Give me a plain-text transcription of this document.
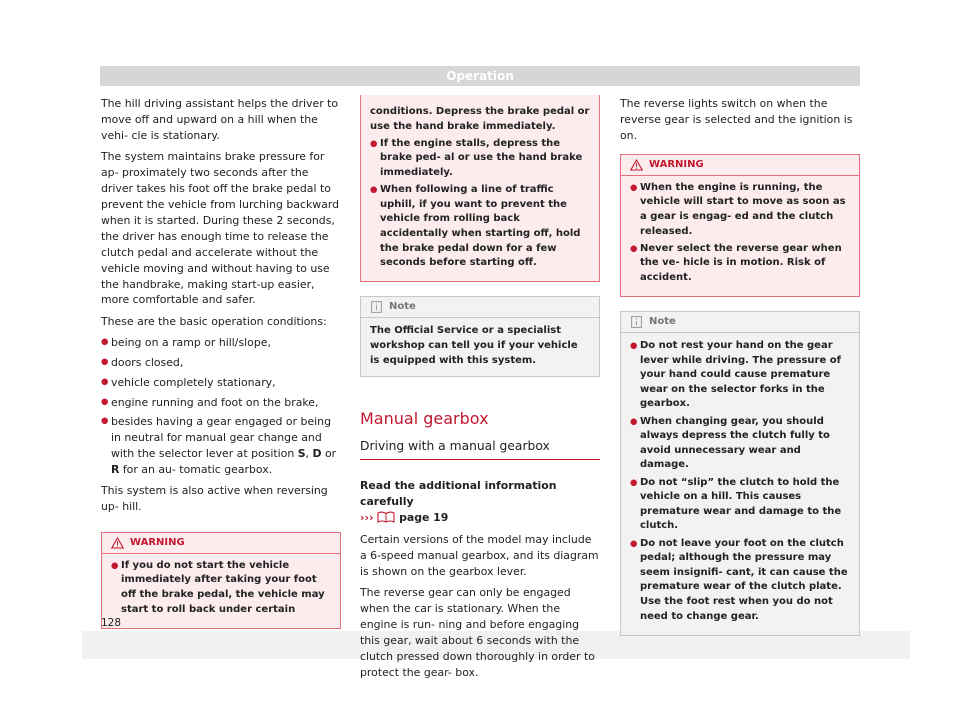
Operation

The hill driving assistant helps the driver to move off and upward on a hill when the vehi- cle is stationary.

The system maintains brake pressure for ap- proximately two seconds after the driver takes his foot off the brake pedal to prevent the vehicle from lurching backward when it is started. During these 2 seconds, the driver has enough time to release the clutch pedal and accelerate without the vehicle moving and without having to use the handbrake, making start-up easier, more comfortable and safer.

These are the basic operation conditions:

● being on a ramp or hill/slope,
● doors closed,
● vehicle completely stationary,
● engine running and foot on the brake,
● besides having a gear engaged or being in neutral for manual gear change and with the selector lever at position S, D or R for an au- tomatic gearbox.

This system is also active when reversing up- hill.

WARNING
● If you do not start the vehicle immediately after taking your foot off the brake pedal, the vehicle may start to roll back under certain
conditions. Depress the brake pedal or use the hand brake immediately.
● If the engine stalls, depress the brake ped- al or use the hand brake immediately.
● When following a line of traffic uphill, if you want to prevent the vehicle from rolling back accidentally when starting off, hold the brake pedal down for a few seconds before starting off.
Note
The Official Service or a specialist workshop can tell you if your vehicle is equipped with this system.
Manual gearbox
Driving with a manual gearbox
Read the additional information carefully
››› page 19

Certain versions of the model may include a 6-speed manual gearbox, and its diagram is shown on the gearbox lever.

The reverse gear can only be engaged when the car is stationary. When the engine is run- ning and before engaging this gear, wait about 6 seconds with the clutch pressed down thoroughly in order to protect the gear- box.

The reverse lights switch on when the reverse gear is selected and the ignition is on.

WARNING
● When the engine is running, the vehicle will start to move as soon as a gear is engag- ed and the clutch released.
● Never select the reverse gear when the ve- hicle is in motion. Risk of accident.
Note
● Do not rest your hand on the gear lever while driving. The pressure of your hand could cause premature wear on the selector forks in the gearbox.
● When changing gear, you should always depress the clutch fully to avoid unnecessary wear and damage.
● Do not “slip” the clutch to hold the vehicle on a hill. This causes premature wear and damage to the clutch.
● Do not leave your foot on the clutch pedal; although the pressure may seem insignifi- cant, it can cause the premature wear of the clutch plate. Use the foot rest when you do not need to change gear.
128
